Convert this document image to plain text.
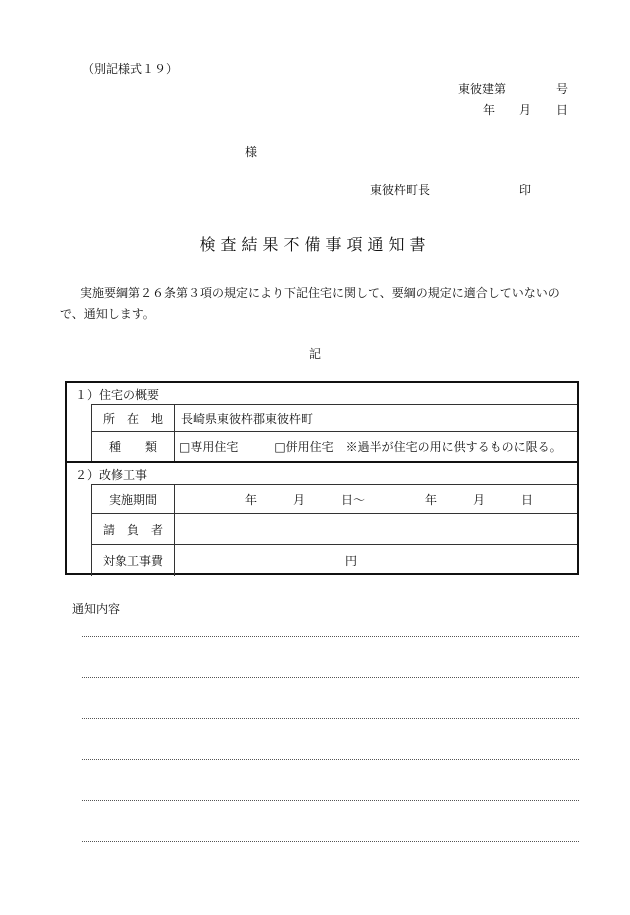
（別記様式１９）
東彼建第	号
年 月 日
様
東彼杵町長	印
検査結果不備事項通知書
実施要綱第２６条第３項の規定により下記住宅に関して、要綱の規定に適合していないので、通知します。
記
１）住宅の概要
所　在　地	長崎県東彼杵郡東彼杵町
種　　類	□専用住宅　　　□併用住宅　※過半が住宅の用に供するものに限る。
２）改修工事
実施期間	年　　　月　　　日～　　　　　年　　　月　　　日
請　負　者
対象工事費	円
通知内容
